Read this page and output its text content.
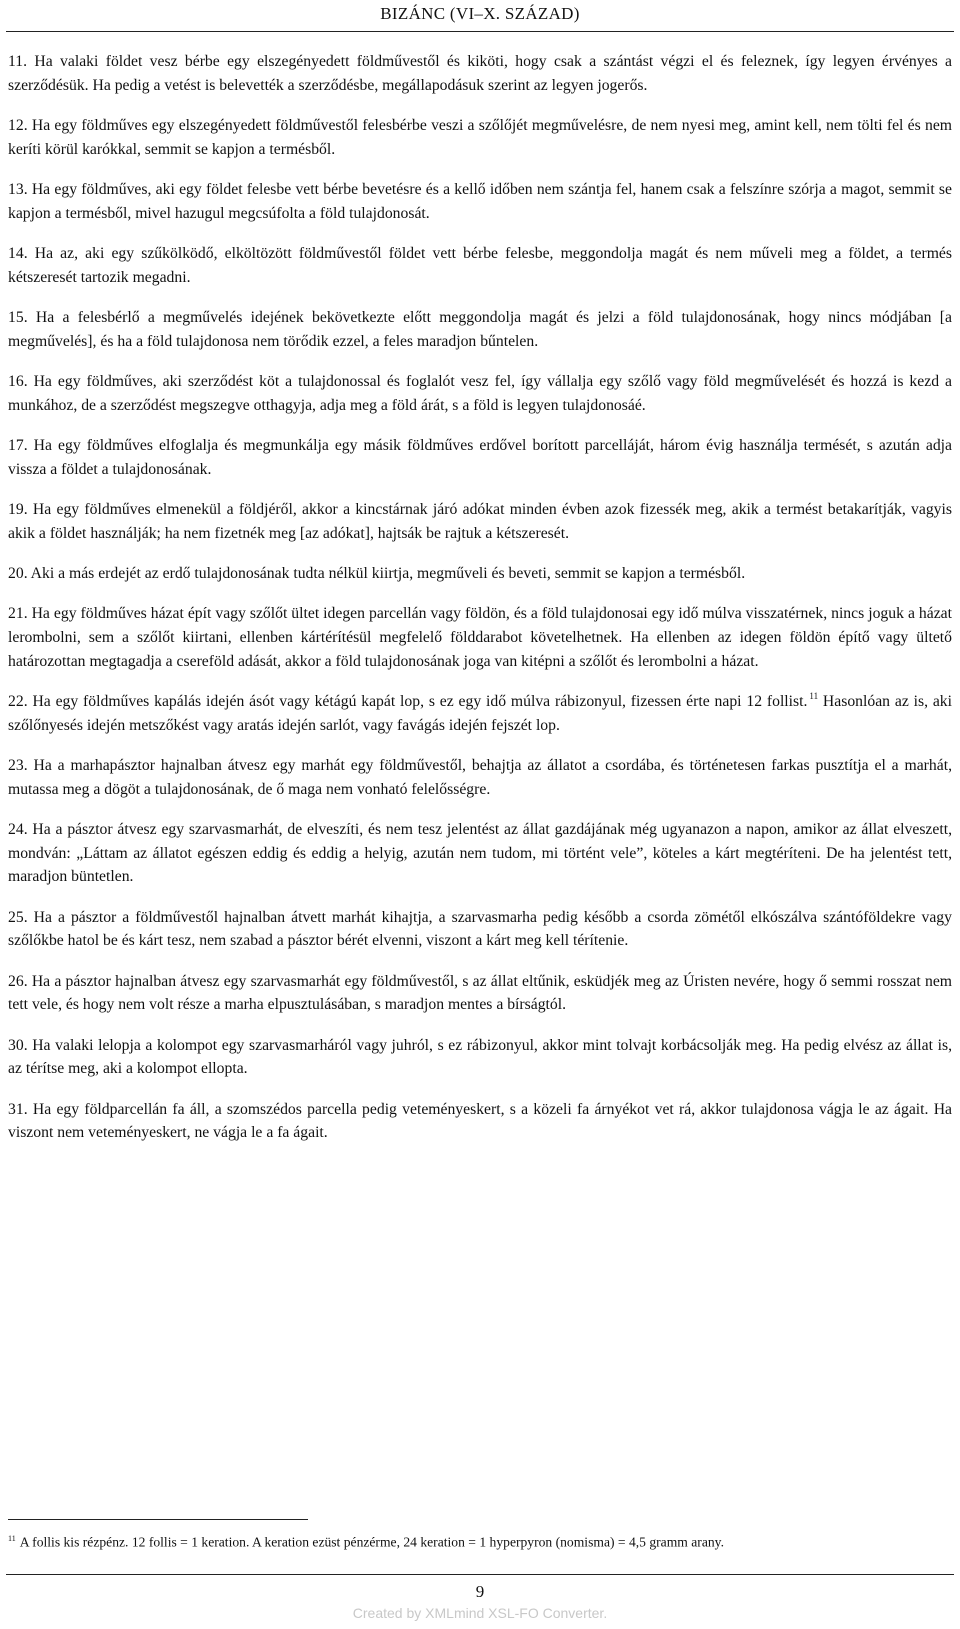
BIZÁNC (VI–X. SZÁZAD)

11. Ha valaki földet vesz bérbe egy elszegényedett földművestől és kiköti, hogy csak a szántást végzi el és feleznek, így legyen érvényes a szerződésük. Ha pedig a vetést is belevették a szerződésbe, megállapodásuk szerint az legyen jogerős.

12. Ha egy földműves egy elszegényedett földművestől felesbérbe veszi a szőlőjét megművelésre, de nem nyesi meg, amint kell, nem tölti fel és nem keríti körül karókkal, semmit se kapjon a termésből.

13. Ha egy földműves, aki egy földet felesbe vett bérbe bevetésre és a kellő időben nem szántja fel, hanem csak a felszínre szórja a magot, semmit se kapjon a termésből, mivel hazugul megcsúfolta a föld tulajdonosát.

14. Ha az, aki egy szűkölködő, elköltözött földművestől földet vett bérbe felesbe, meggondolja magát és nem műveli meg a földet, a termés kétszeresét tartozik megadni.

15. Ha a felesbérlő a megművelés idejének bekövetkezte előtt meggondolja magát és jelzi a föld tulajdonosának, hogy nincs módjában [a megművelés], és ha a föld tulajdonosa nem törődik ezzel, a feles maradjon bűntelen.

16. Ha egy földműves, aki szerződést köt a tulajdonossal és foglalót vesz fel, így vállalja egy szőlő vagy föld megművelését és hozzá is kezd a munkához, de a szerződést megszegve otthagyja, adja meg a föld árát, s a föld is legyen tulajdonosáé.

17. Ha egy földműves elfoglalja és megmunkálja egy másik földműves erdővel borított parcelláját, három évig használja termését, s azután adja vissza a földet a tulajdonosának.

19. Ha egy földműves elmenekül a földjéről, akkor a kincstárnak járó adókat minden évben azok fizessék meg, akik a termést betakarítják, vagyis akik a földet használják; ha nem fizetnék meg [az adókat], hajtsák be rajtuk a kétszeresét.

20. Aki a más erdejét az erdő tulajdonosának tudta nélkül kiirtja, megműveli és beveti, semmit se kapjon a termésből.

21. Ha egy földműves házat épít vagy szőlőt ültet idegen parcellán vagy földön, és a föld tulajdonosai egy idő múlva visszatérnek, nincs joguk a házat lerombolni, sem a szőlőt kiirtani, ellenben kártérítésül megfelelő földdarabot követelhetnek. Ha ellenben az idegen földön építő vagy ültető határozottan megtagadja a csereföld adását, akkor a föld tulajdonosának joga van kitépni a szőlőt és lerombolni a házat.

22. Ha egy földműves kapálás idején ásót vagy kétágú kapát lop, s ez egy idő múlva rábizonyul, fizessen érte napi 12 follist. $^{11}$ Hasonlóan az is, aki szőlőnyesés idején metszőkést vagy aratás idején sarlót, vagy favágás idején fejszét lop.

23. Ha a marhapásztor hajnalban átvesz egy marhát egy földművestől, behajtja az állatot a csordába, és történetesen farkas pusztítja el a marhát, mutassa meg a dögöt a tulajdonosának, de ő maga nem vonható felelősségre.

24. Ha a pásztor átvesz egy szarvasmarhát, de elveszíti, és nem tesz jelentést az állat gazdájának még ugyanazon a napon, amikor az állat elveszett, mondván: „Láttam az állatot egészen eddig és eddig a helyig, azután nem tudom, mi történt vele”, köteles a kárt megtéríteni. De ha jelentést tett, maradjon büntetlen.

25. Ha a pásztor a földművestől hajnalban átvett marhát kihajtja, a szarvasmarha pedig később a csorda zömétől elkószálva szántóföldekre vagy szőlőkbe hatol be és kárt tesz, nem szabad a pásztor bérét elvenni, viszont a kárt meg kell térítenie.

26. Ha a pásztor hajnalban átvesz egy szarvasmarhát egy földművestől, s az állat eltűnik, esküdjék meg az Úristen nevére, hogy ő semmi rosszat nem tett vele, és hogy nem volt része a marha elpusztulásában, s maradjon mentes a bírságtól.

30. Ha valaki lelopja a kolompot egy szarvasmarháról vagy juhról, s ez rábizonyul, akkor mint tolvajt korbácsolják meg. Ha pedig elvész az állat is, az térítse meg, aki a kolompot ellopta.

31. Ha egy földparcellán fa áll, a szomszédos parcella pedig veteményeskert, s a közeli fa árnyékot vet rá, akkor tulajdonosa vágja le az ágait. Ha viszont nem veteményeskert, ne vágja le a fa ágait.

$^{11}$ A follis kis rézpénz. 12 follis = 1 keration. A keration ezüst pénzérme, 24 keration = 1 hyperpyron (nomisma) = 4,5 gramm arany.
9
Created by XMLmind XSL-FO Converter.
